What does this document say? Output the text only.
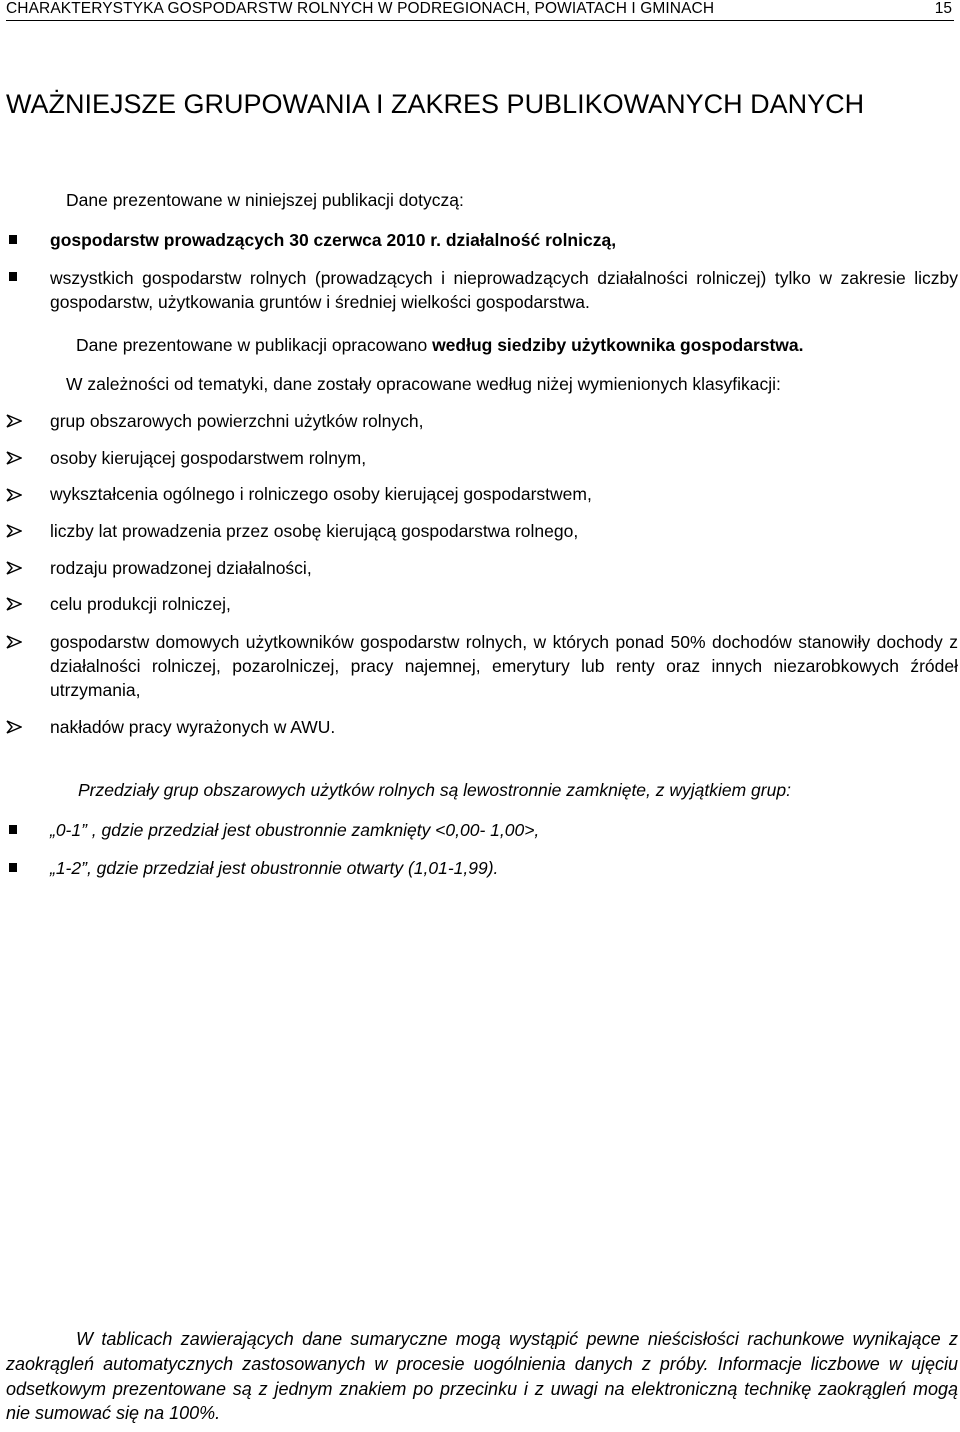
CHARAKTERYSTYKA GOSPODARSTW ROLNYCH W PODREGIONACH, POWIATACH I GMINACH	15
WAŻNIEJSZE GRUPOWANIA I ZAKRES PUBLIKOWANYCH DANYCH
Dane prezentowane w niniejszej publikacji dotyczą:
gospodarstw prowadzących 30 czerwca 2010 r. działalność rolniczą,
wszystkich gospodarstw rolnych (prowadzących i nieprowadzących działalności rolniczej) tylko w zakresie liczby gospodarstw, użytkowania gruntów i średniej wielkości gospodarstwa.
Dane prezentowane w publikacji opracowano według siedziby użytkownika gospodarstwa.
W zależności od tematyki, dane zostały opracowane według niżej wymienionych klasyfikacji:
grup obszarowych powierzchni użytków rolnych,
osoby kierującej gospodarstwem rolnym,
wykształcenia ogólnego i rolniczego osoby kierującej gospodarstwem,
liczby lat prowadzenia przez osobę kierującą gospodarstwa rolnego,
rodzaju prowadzonej działalności,
celu produkcji rolniczej,
gospodarstw domowych użytkowników gospodarstw rolnych, w których ponad 50% dochodów stanowiły dochody z działalności rolniczej, pozarolniczej, pracy najemnej, emerytury lub renty oraz innych niezarobkowych źródeł utrzymania,
nakładów pracy wyrażonych w AWU.
Przedziały grup obszarowych użytków rolnych są lewostronnie zamknięte, z wyjątkiem grup:
„0-1” , gdzie przedział jest obustronnie zamknięty <0,00- 1,00>,
„1-2”, gdzie przedział jest obustronnie otwarty (1,01-1,99).
W tablicach zawierających dane sumaryczne mogą wystąpić pewne nieścisłości rachunkowe wynikające z zaokrągleń automatycznych zastosowanych w procesie uogólnienia danych z próby. Informacje liczbowe w ujęciu odsetkowym prezentowane są z jednym znakiem po przecinku i z uwagi na elektroniczną technikę zaokrągleń mogą nie sumować się na 100%.
